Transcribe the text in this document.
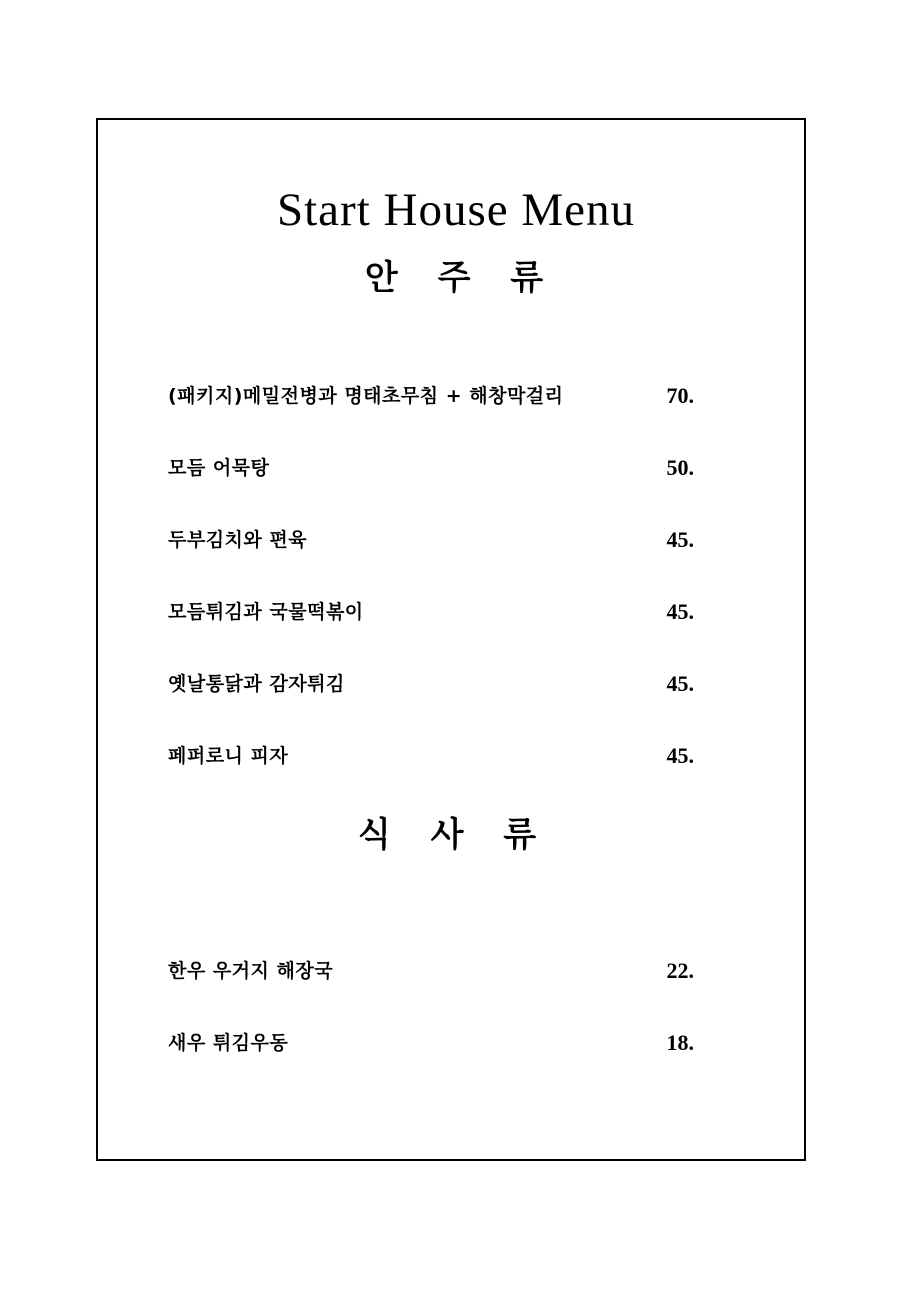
Start House Menu
안 주 류
(패키지)메밀전병과 명태초무침 + 해창막걸리	70.
모듬 어묵탕	50.
두부김치와 편육	45.
모듬튀김과 국물떡볶이	45.
옛날통닭과 감자튀김	45.
페퍼로니 피자	45.
식 사 류
한우 우거지 해장국	22.
새우 튀김우동	18.
